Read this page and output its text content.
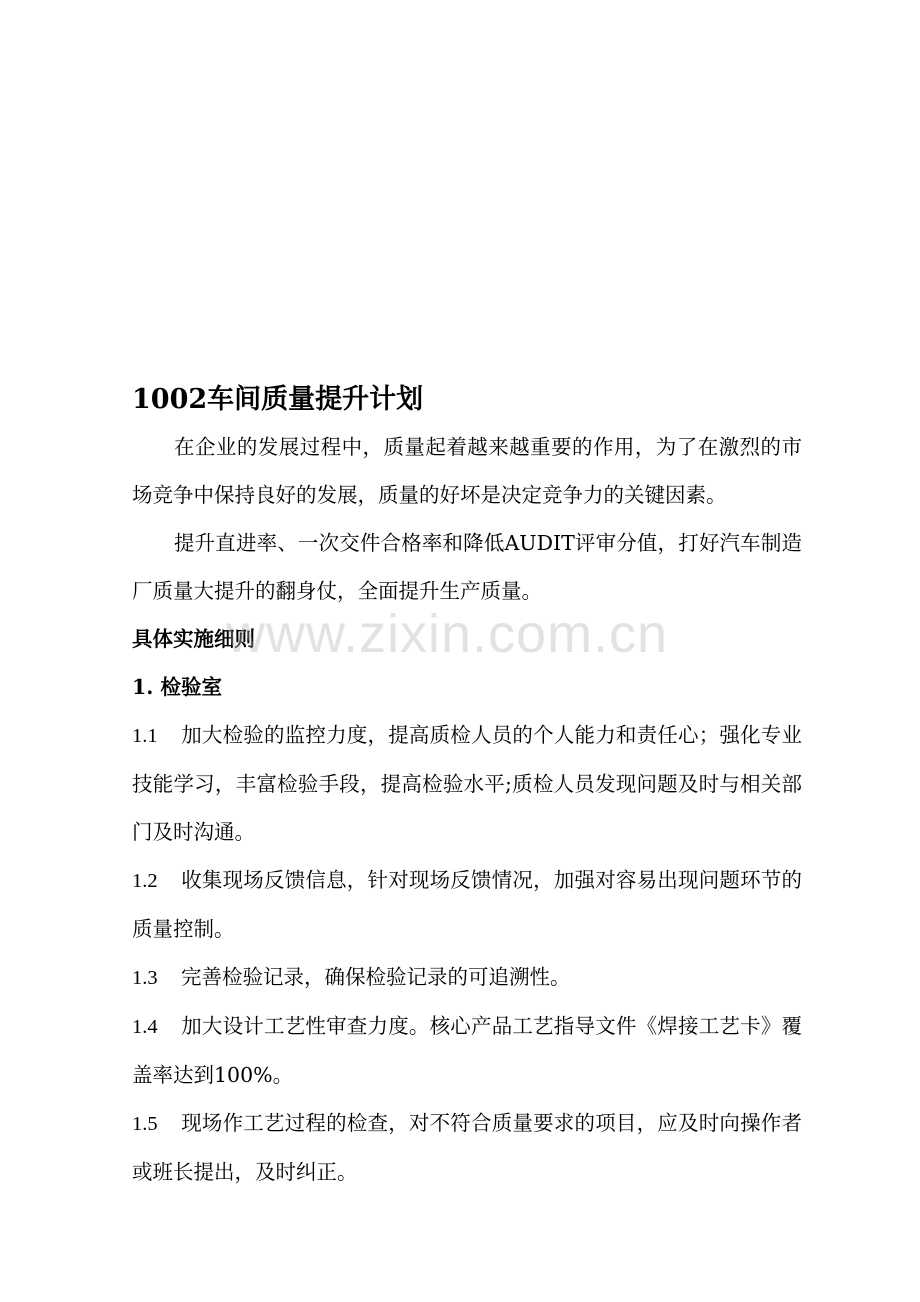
1002车间质量提升计划

在企业的发展过程中，质量起着越来越重要的作用，为了在激烈的市场竞争中保持良好的发展，质量的好坏是决定竞争力的关键因素。

提升直进率、一次交件合格率和降低AUDIT评审分值，打好汽车制造厂质量大提升的翻身仗，全面提升生产质量。

具体实施细则

1. 检验室

1.1 加大检验的监控力度，提高质检人员的个人能力和责任心；强化专业技能学习，丰富检验手段，提高检验水平;质检人员发现问题及时与相关部门及时沟通。

1.2 收集现场反馈信息，针对现场反馈情况，加强对容易出现问题环节的质量控制。

1.3 完善检验记录，确保检验记录的可追溯性。

1.4 加大设计工艺性审查力度。核心产品工艺指导文件《焊接工艺卡》覆盖率达到100%。

1.5 现场作工艺过程的检查，对不符合质量要求的项目，应及时向操作者或班长提出，及时纠正。

www.zixin.com.cn
